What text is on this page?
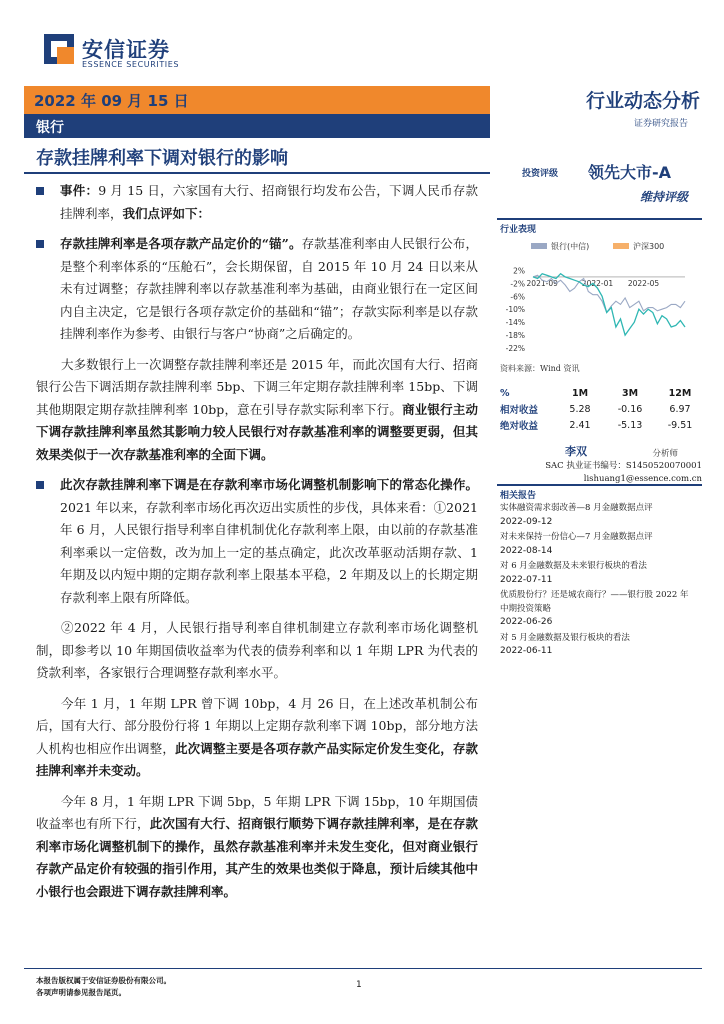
安信证券
ESSENCE SECURITIES
2022 年 09 月 15 日	行业动态分析
证券研究报告
银行
存款挂牌利率下调对银行的影响

事件：9 月 15 日，六家国有大行、招商银行均发布公告，下调人民币存款挂牌利率，我们点评如下：

存款挂牌利率是各项存款产品定价的“锚”。存款基准利率由人民银行公布，是整个利率体系的“压舱石”，会长期保留，自 2015 年 10 月 24 日以来从未有过调整；存款挂牌利率以存款基准利率为基础，由商业银行在一定区间内自主决定，它是银行各项存款定价的基础和“锚”；存款实际利率是以存款挂牌利率作为参考、由银行与客户“协商”之后确定的。

大多数银行上一次调整存款挂牌利率还是 2015 年，而此次国有大行、招商银行公告下调活期存款挂牌利率 5bp、下调三年定期存款挂牌利率 15bp、下调其他期限定期存款挂牌利率 10bp，意在引导存款实际利率下行。商业银行主动下调存款挂牌利率虽然其影响力较人民银行对存款基准利率的调整要更弱，但其效果类似于一次存款基准利率的全面下调。

此次存款挂牌利率下调是在存款利率市场化调整机制影响下的常态化操作。2021 年以来，存款利率市场化再次迈出实质性的步伐，具体来看：①2021 年 6 月，人民银行指导利率自律机制优化存款利率上限，由以前的存款基准利率乘以一定倍数，改为加上一定的基点确定，此次改革驱动活期存款、1 年期及以内短中期的定期存款利率上限基本平稳，2 年期及以上的长期定期存款利率上限有所降低。

②2022 年 4 月，人民银行指导利率自律机制建立存款利率市场化调整机制，即参考以 10 年期国债收益率为代表的债券利率和以 1 年期 LPR 为代表的贷款利率，各家银行合理调整存款利率水平。

今年 1 月，1 年期 LPR 曾下调 10bp，4 月 26 日，在上述改革机制公布后，国有大行、部分股份行将 1 年期以上定期存款利率下调 10bp，部分地方法人机构也相应作出调整，此次调整主要是各项存款产品实际定价发生变化，存款挂牌利率并未变动。

今年 8 月，1 年期 LPR 下调 5bp，5 年期 LPR 下调 15bp，10 年期国债收益率也有所下行，此次国有大行、招商银行顺势下调存款挂牌利率，是在存款利率市场化调整机制下的操作，虽然存款基准利率并未发生变化，但对商业银行存款产品定价有较强的指引作用，其产生的效果也类似于降息，预计后续其他中小银行也会跟进下调存款挂牌利率。

投资评级 领先大市-A
维持评级
行业表现
银行(中信)	沪深300
2%
-2%
-6%
-10%
-14%
-18%
-22%
2021-09	2022-01 2022-05
资料来源：Wind 资讯
%	1M	3M	12M
相对收益	5.28	-0.16	6.97
绝对收益	2.41	-5.13	-9.51
李双	分析师
SAC 执业证书编号：S1450520070001
lishuang1@essence.com.cn
相关报告
实体融资需求弱改善—8 月金融数据点评
2022-09-12
对未来保持一份信心—7 月金融数据点评
2022-08-14
对 6 月金融数据及未来银行板块的看法
2022-07-11
优质股份行？还是城农商行？——银行股 2022 年中期投资策略
2022-06-26
对 5 月金融数据及银行板块的看法
2022-06-11
本报告版权属于安信证券股份有限公司。
各项声明请参见报告尾页。
1
